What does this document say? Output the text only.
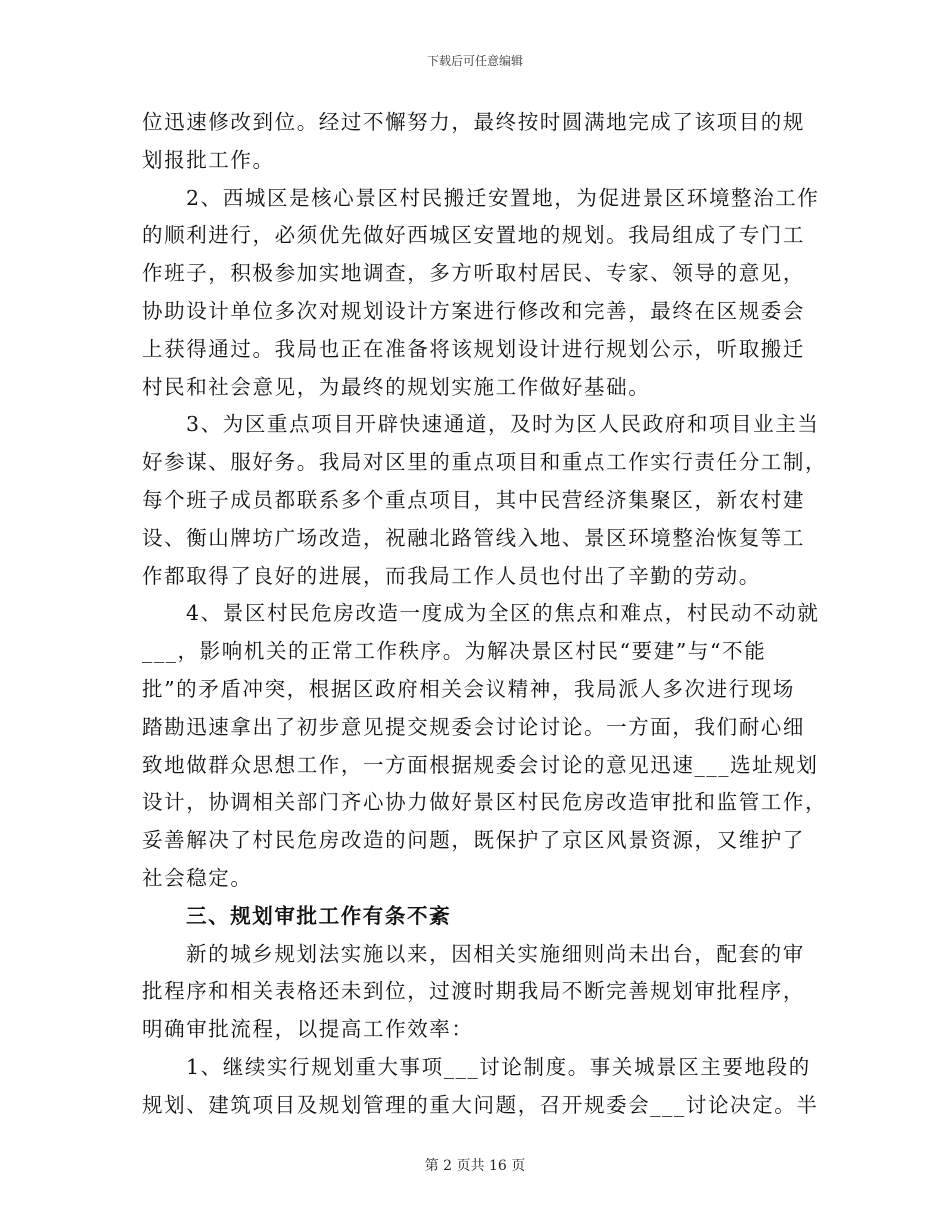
下载后可任意编辑
位迅速修改到位。经过不懈努力，最终按时圆满地完成了该项目的规
划报批工作。
2、西城区是核心景区村民搬迁安置地，为促进景区环境整治工作
的顺利进行，必须优先做好西城区安置地的规划。我局组成了专门工
作班子，积极参加实地调查，多方听取村居民、专家、领导的意见，
协助设计单位多次对规划设计方案进行修改和完善，最终在区规委会
上获得通过。我局也正在准备将该规划设计进行规划公示，听取搬迁
村民和社会意见，为最终的规划实施工作做好基础。
3、为区重点项目开辟快速通道，及时为区人民政府和项目业主当
好参谋、服好务。我局对区里的重点项目和重点工作实行责任分工制，
每个班子成员都联系多个重点项目，其中民营经济集聚区，新农村建
设、衡山牌坊广场改造，祝融北路管线入地、景区环境整治恢复等工
作都取得了良好的进展，而我局工作人员也付出了辛勤的劳动。
4、景区村民危房改造一度成为全区的焦点和难点，村民动不动就
___，影响机关的正常工作秩序。为解决景区村民“要建”与“不能
批”的矛盾冲突，根据区政府相关会议精神，我局派人多次进行现场
踏勘迅速拿出了初步意见提交规委会讨论讨论。一方面，我们耐心细
致地做群众思想工作，一方面根据规委会讨论的意见迅速___选址规划
设计，协调相关部门齐心协力做好景区村民危房改造审批和监管工作，
妥善解决了村民危房改造的问题，既保护了京区风景资源，又维护了
社会稳定。
三、规划审批工作有条不紊
新的城乡规划法实施以来，因相关实施细则尚未出台，配套的审
批程序和相关表格还未到位，过渡时期我局不断完善规划审批程序，
明确审批流程，以提高工作效率：
1、继续实行规划重大事项___讨论制度。事关城景区主要地段的
规划、建筑项目及规划管理的重大问题，召开规委会___讨论决定。半
第 2 页共 16 页
